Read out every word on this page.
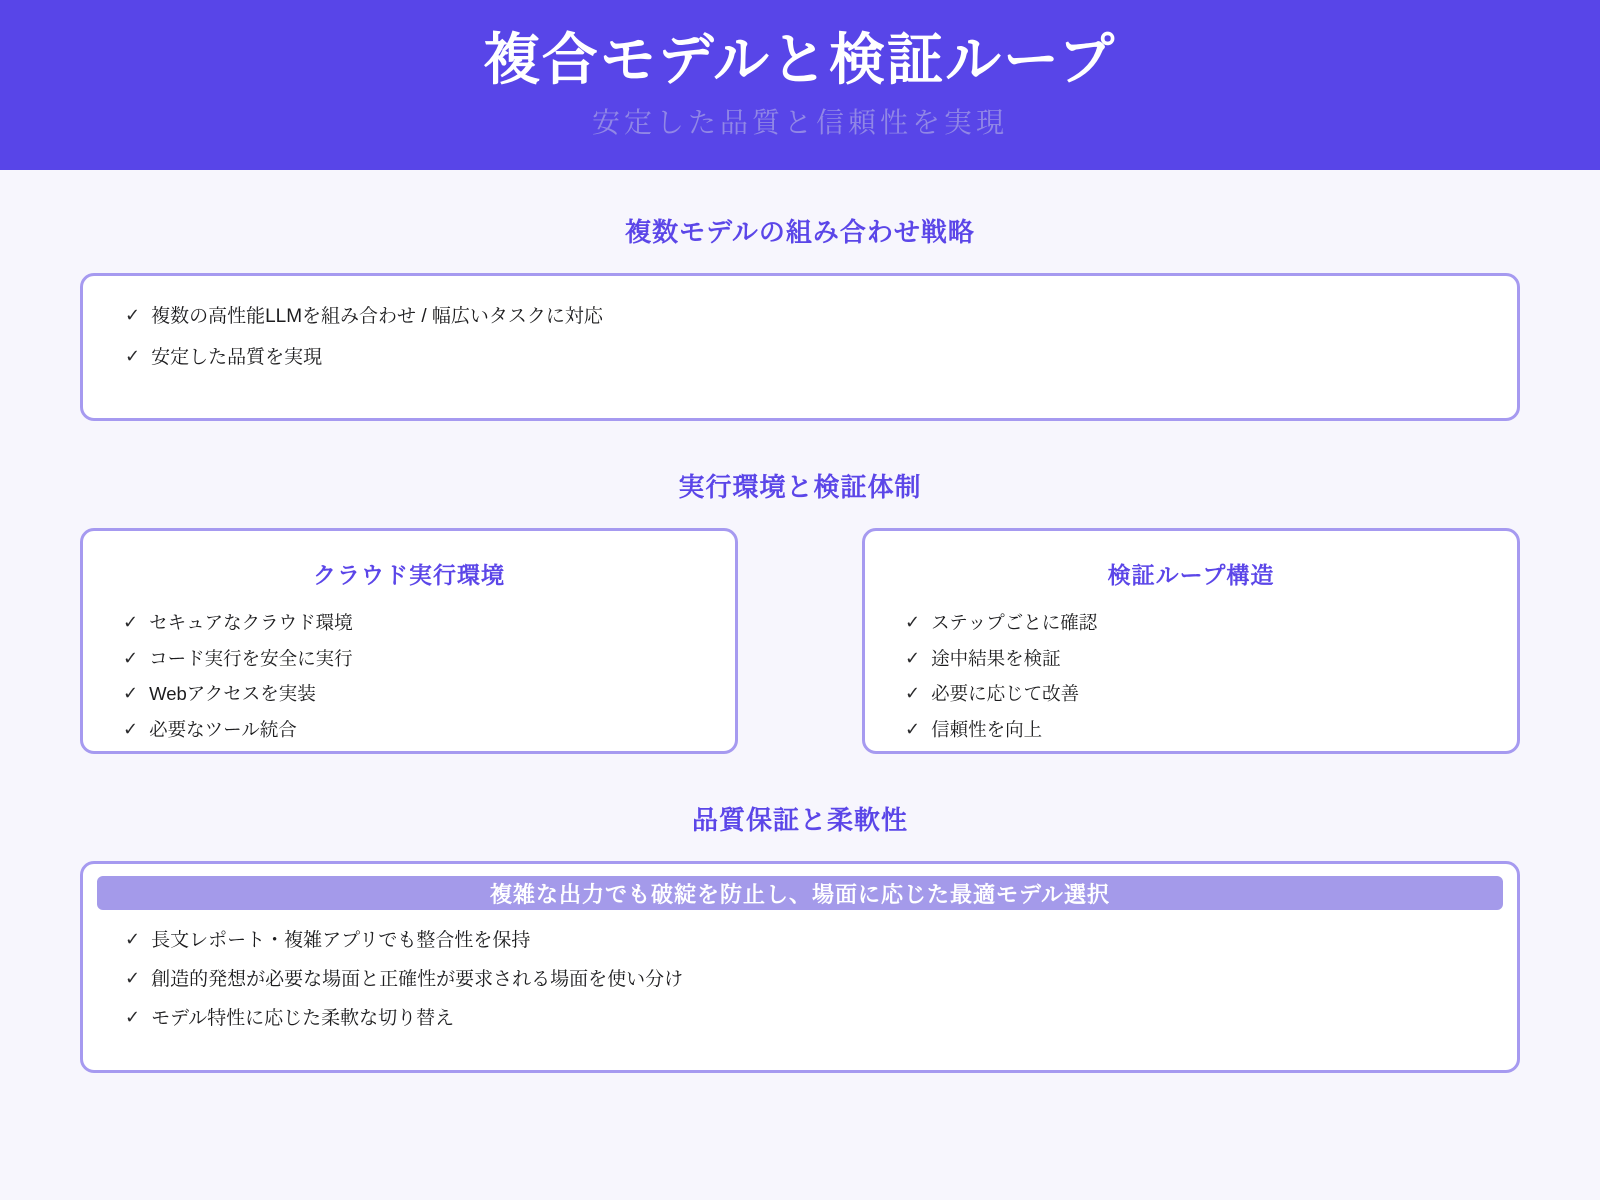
複合モデルと検証ループ
安定した品質と信頼性を実現
複数モデルの組み合わせ戦略
✓ 複数の高性能LLMを組み合わせ / 幅広いタスクに対応
✓ 安定した品質を実現
実行環境と検証体制
クラウド実行環境
✓ セキュアなクラウド環境
✓ コード実行を安全に実行
✓ Webアクセスを実装
✓ 必要なツール統合
検証ループ構造
✓ ステップごとに確認
✓ 途中結果を検証
✓ 必要に応じて改善
✓ 信頼性を向上
品質保証と柔軟性
複雑な出力でも破綻を防止し、場面に応じた最適モデル選択
✓ 長文レポート・複雑アプリでも整合性を保持
✓ 創造的発想が必要な場面と正確性が要求される場面を使い分け
✓ モデル特性に応じた柔軟な切り替え
